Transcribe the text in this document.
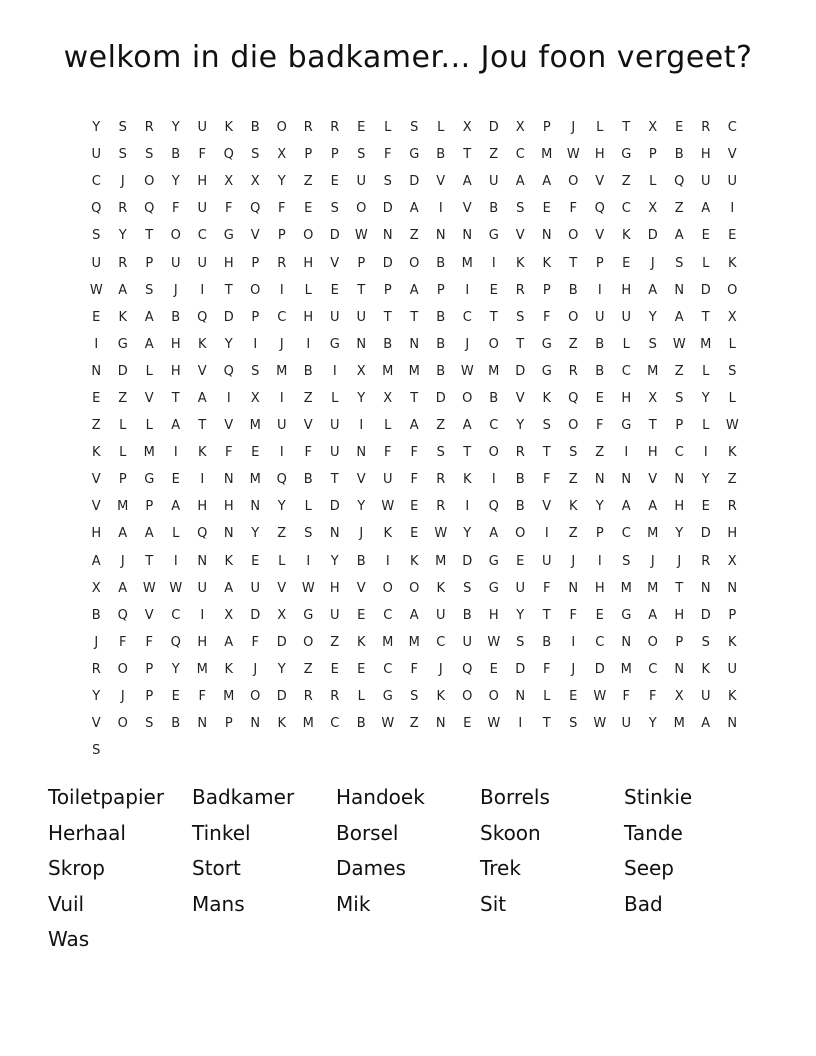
welkom in die badkamer... Jou foon vergeet?
Y	S	R	Y	U	K	B	O	R	R	E	L	S	L	X	D	X	P	J	L	T	X	E	R	C
U	S	S	B	F	Q	S	X	P	P	S	F	G	B	T	Z	C	M	W	H	G	P	B	H	V
C	J	O	Y	H	X	X	Y	Z	E	U	S	D	V	A	U	A	A	O	V	Z	L	Q	U	U
Q	R	Q	F	U	F	Q	F	E	S	O	D	A	I	V	B	S	E	F	Q	C	X	Z	A	I
S	Y	T	O	C	G	V	P	O	D	W	N	Z	N	N	G	V	N	O	V	K	D	A	E	E
U	R	P	U	U	H	P	R	H	V	P	D	O	B	M	I	K	K	T	P	E	J	S	L	K
W	A	S	J	I	T	O	I	L	E	T	P	A	P	I	E	R	P	B	I	H	A	N	D	O
E	K	A	B	Q	D	P	C	H	U	U	T	T	B	C	T	S	F	O	U	U	Y	A	T	X
I	G	A	H	K	Y	I	J	I	G	N	B	N	B	J	O	T	G	Z	B	L	S	W	M	L
N	D	L	H	V	Q	S	M	B	I	X	M	M	B	W	M	D	G	R	B	C	M	Z	L	S
E	Z	V	T	A	I	X	I	Z	L	Y	X	T	D	O	B	V	K	Q	E	H	X	S	Y	L
Z	L	L	A	T	V	M	U	V	U	I	L	A	Z	A	C	Y	S	O	F	G	T	P	L	W
K	L	M	I	K	F	E	I	F	U	N	F	F	S	T	O	R	T	S	Z	I	H	C	I	K
V	P	G	E	I	N	M	Q	B	T	V	U	F	R	K	I	B	F	Z	N	N	V	N	Y	Z
V	M	P	A	H	H	N	Y	L	D	Y	W	E	R	I	Q	B	V	K	Y	A	A	H	E	R
H	A	A	L	Q	N	Y	Z	S	N	J	K	E	W	Y	A	O	I	Z	P	C	M	Y	D	H
A	J	T	I	N	K	E	L	I	Y	B	I	K	M	D	G	E	U	J	I	S	J	J	R	X
X	A	W	W	U	A	U	V	W	H	V	O	O	K	S	G	U	F	N	H	M	M	T	N	N
B	Q	V	C	I	X	D	X	G	U	E	C	A	U	B	H	Y	T	F	E	G	A	H	D	P
J	F	F	Q	H	A	F	D	O	Z	K	M	M	C	U	W	S	B	I	C	N	O	P	S	K
R	O	P	Y	M	K	J	Y	Z	E	E	C	F	J	Q	E	D	F	J	D	M	C	N	K	U
Y	J	P	E	F	M	O	D	R	R	L	G	S	K	O	O	N	L	E	W	F	F	X	U	K
V	O	S	B	N	P	N	K	M	C	B	W	Z	N	E	W	I	T	S	W	U	Y	M	A	N
S
Toiletpapier	Badkamer	Handoek	Borrels	Stinkie
Herhaal	Tinkel	Borsel	Skoon	Tande
Skrop	Stort	Dames	Trek	Seep
Vuil	Mans	Mik	Sit	Bad
Was
